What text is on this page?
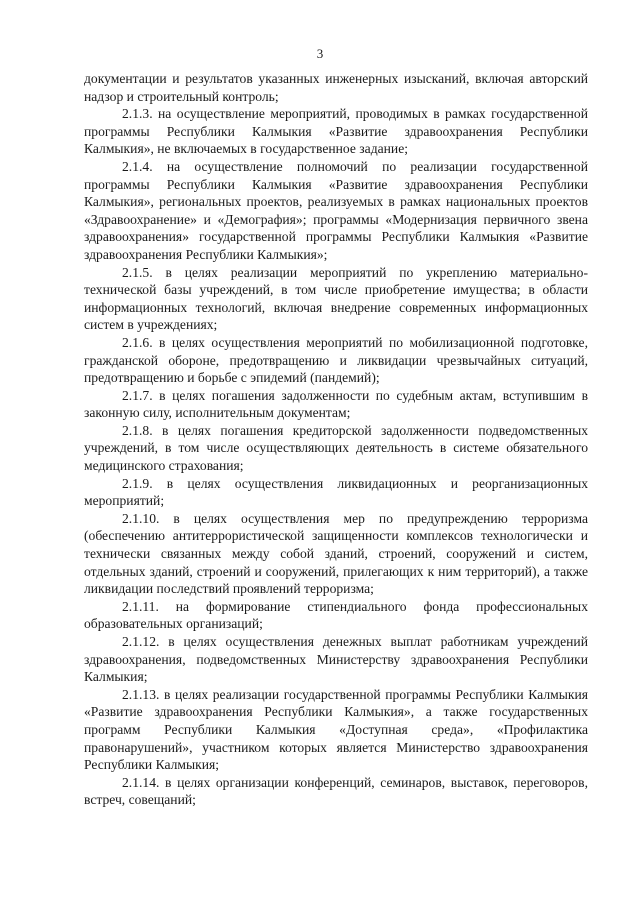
3

документации и результатов указанных инженерных изысканий, включая авторский надзор и строительный контроль;

2.1.3. на осуществление мероприятий, проводимых в рамках государственной программы Республики Калмыкия «Развитие здравоохранения Республики Калмыкия», не включаемых в государственное задание;

2.1.4. на осуществление полномочий по реализации государственной программы Республики Калмыкия «Развитие здравоохранения Республики Калмыкия», региональных проектов, реализуемых в рамках национальных проектов «Здравоохранение» и «Демография»; программы «Модернизация первичного звена здравоохранения» государственной программы Республики Калмыкия «Развитие здравоохранения Республики Калмыкия»;

2.1.5. в целях реализации мероприятий по укреплению материально-технической базы учреждений, в том числе приобретение имущества; в области информационных технологий, включая внедрение современных информационных систем в учреждениях;

2.1.6. в целях осуществления мероприятий по мобилизационной подготовке, гражданской обороне, предотвращению и ликвидации чрезвычайных ситуаций, предотвращению и борьбе с эпидемий (пандемий);

2.1.7. в целях погашения задолженности по судебным актам, вступившим в законную силу, исполнительным документам;

2.1.8. в целях погашения кредиторской задолженности подведомственных учреждений, в том числе осуществляющих деятельность в системе обязательного медицинского страхования;

2.1.9. в целях осуществления ликвидационных и реорганизационных мероприятий;

2.1.10. в целях осуществления мер по предупреждению терроризма (обеспечению антитеррористической защищенности комплексов технологически и технически связанных между собой зданий, строений, сооружений и систем, отдельных зданий, строений и сооружений, прилегающих к ним территорий), а также ликвидации последствий проявлений терроризма;

2.1.11. на формирование стипендиального фонда профессиональных образовательных организаций;

2.1.12. в целях осуществления денежных выплат работникам учреждений здравоохранения, подведомственных Министерству здравоохранения Республики Калмыкия;

2.1.13. в целях реализации государственной программы Республики Калмыкия «Развитие здравоохранения Республики Калмыкия», а также государственных программ Республики Калмыкия «Доступная среда», «Профилактика правонарушений», участником которых является Министерство здравоохранения Республики Калмыкия;

2.1.14. в целях организации конференций, семинаров, выставок, переговоров, встреч, совещаний;
